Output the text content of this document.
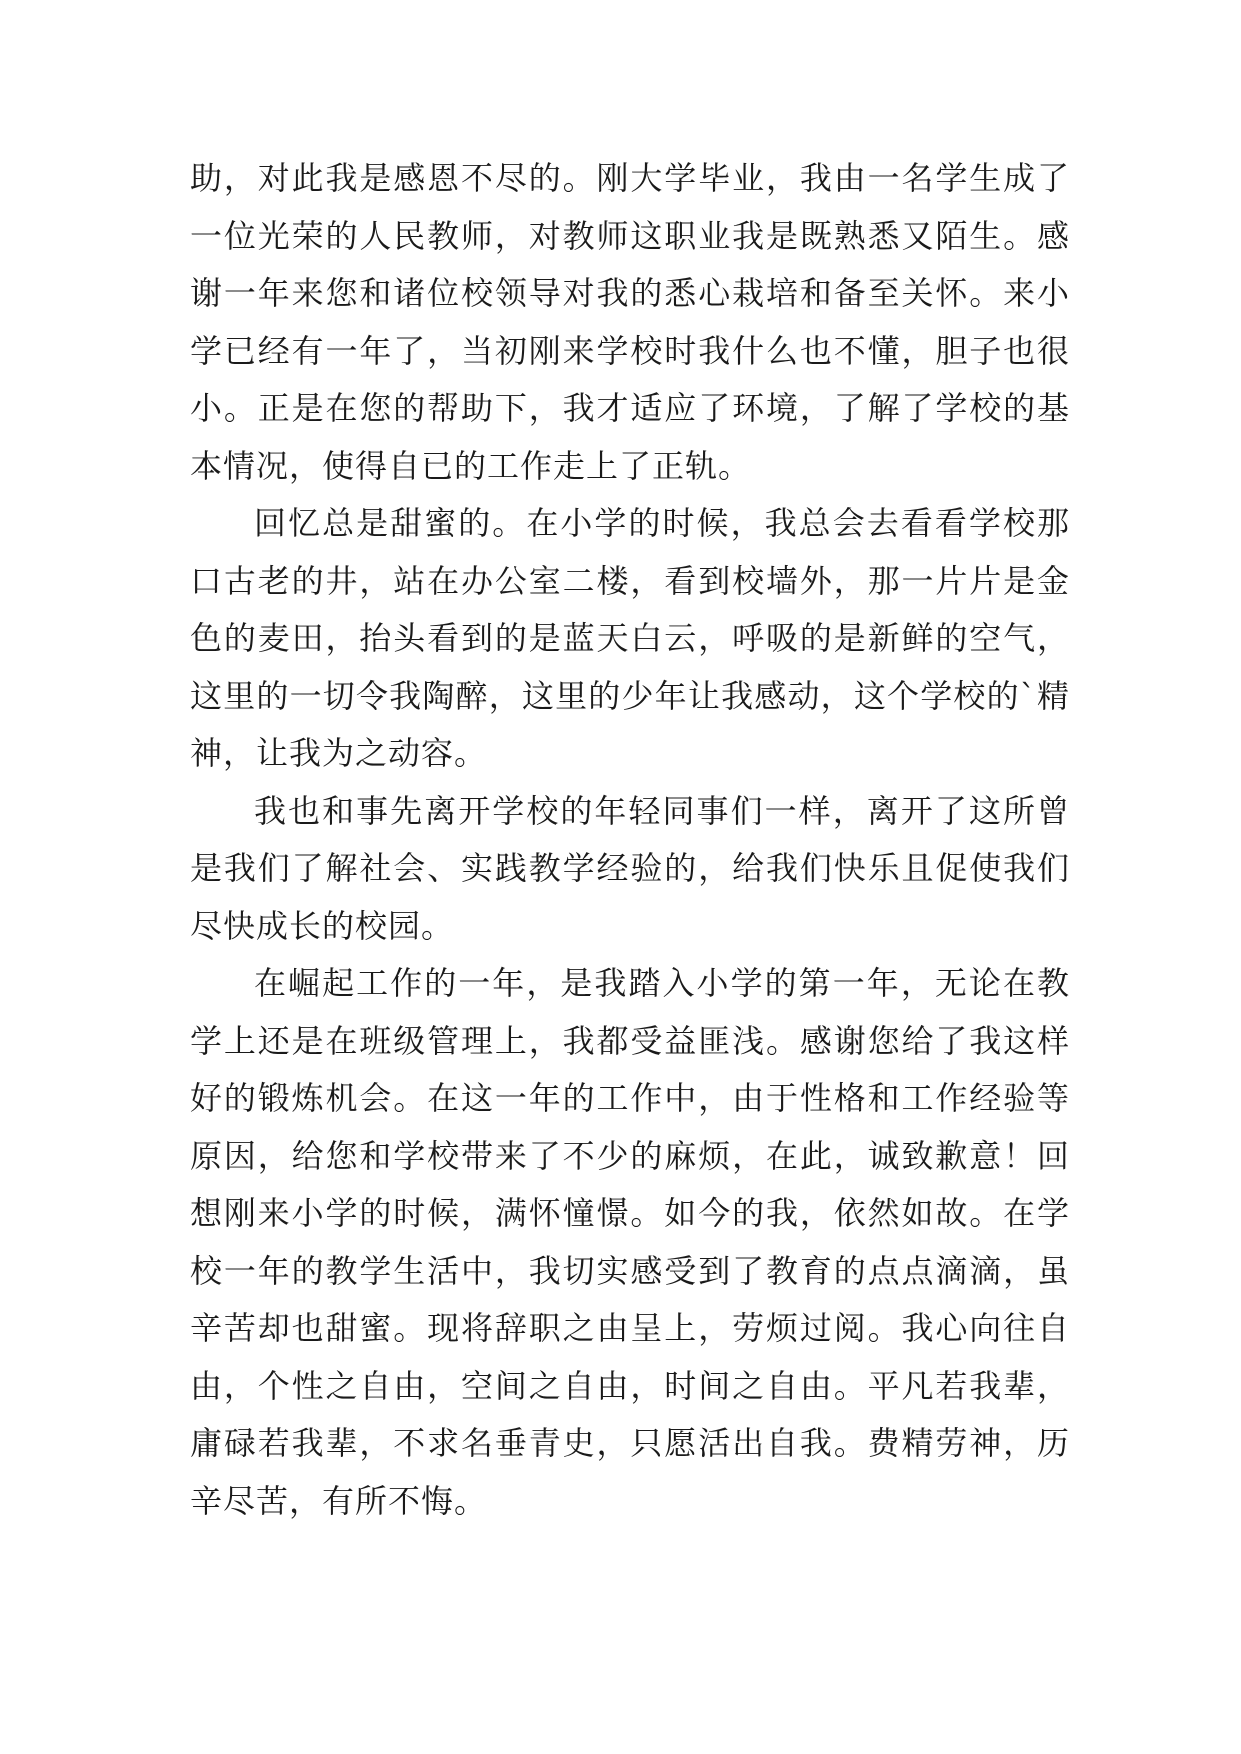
助，对此我是感恩不尽的。刚大学毕业，我由一名学生成了一位光荣的人民教师，对教师这职业我是既熟悉又陌生。感谢一年来您和诸位校领导对我的悉心栽培和备至关怀。来小学已经有一年了，当初刚来学校时我什么也不懂，胆子也很小。正是在您的帮助下，我才适应了环境，了解了学校的基本情况，使得自已的工作走上了正轨。

回忆总是甜蜜的。在小学的时候，我总会去看看学校那口古老的井，站在办公室二楼，看到校墙外，那一片片是金色的麦田，抬头看到的是蓝天白云，呼吸的是新鲜的空气，这里的一切令我陶醉，这里的少年让我感动，这个学校的`精神，让我为之动容。

我也和事先离开学校的年轻同事们一样，离开了这所曾是我们了解社会、实践教学经验的，给我们快乐且促使我们尽快成长的校园。

在崛起工作的一年，是我踏入小学的第一年，无论在教学上还是在班级管理上，我都受益匪浅。感谢您给了我这样好的锻炼机会。在这一年的工作中，由于性格和工作经验等原因，给您和学校带来了不少的麻烦，在此，诚致歉意！回想刚来小学的时候，满怀憧憬。如今的我，依然如故。在学校一年的教学生活中，我切实感受到了教育的点点滴滴，虽辛苦却也甜蜜。现将辞职之由呈上，劳烦过阅。我心向往自由，个性之自由，空间之自由，时间之自由。平凡若我辈，庸碌若我辈，不求名垂青史，只愿活出自我。费精劳神，历辛尽苦，有所不悔。
